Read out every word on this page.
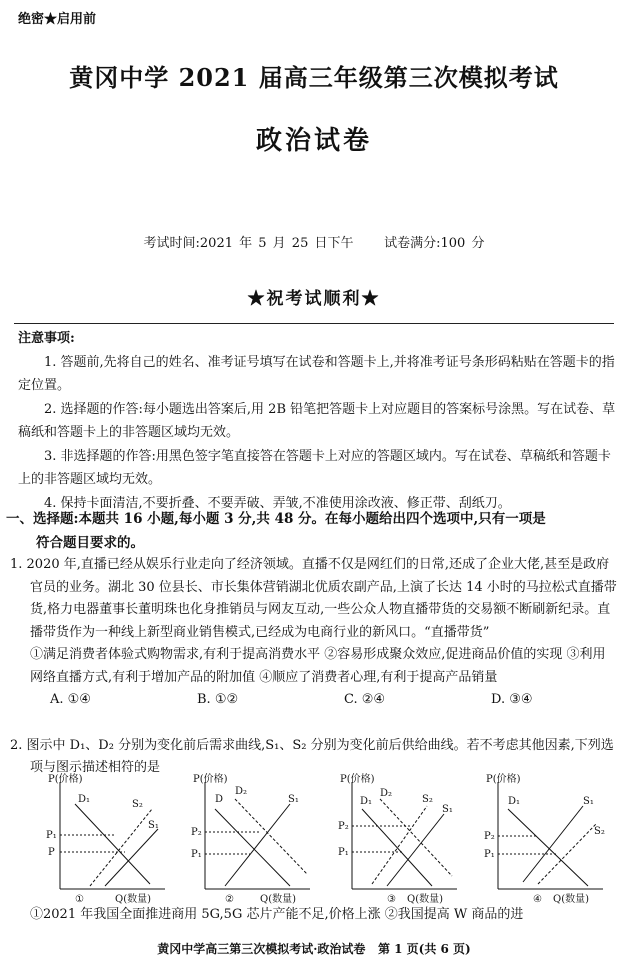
绝密★启用前
黄冈中学 2021 届高三年级第三次模拟考试
政治试卷
考试时间:2021 年 5 月 25 日下午     试卷满分:100 分
★祝考试顺利★

注意事项:

1. 答题前,先将自己的姓名、准考证号填写在试卷和答题卡上,并将准考证号条形码粘贴在答题卡的指定位置。

2. 选择题的作答:每小题选出答案后,用 2B 铅笔把答题卡上对应题目的答案标号涂黑。写在试卷、草稿纸和答题卡上的非答题区域均无效。

3. 非选择题的作答:用黑色签字笔直接答在答题卡上对应的答题区域内。写在试卷、草稿纸和答题卡上的非答题区域均无效。

4. 保持卡面清洁,不要折叠、不要弄破、弄皱,不准使用涂改液、修正带、刮纸刀。

一、选择题:本题共 16 小题,每小题 3 分,共 48 分。在每小题给出四个选项中,只有一项是
符合题目要求的。

1. 2020 年,直播已经从娱乐行业走向了经济领域。直播不仅是网红们的日常,还成了企业大佬,甚至是政府官员的业务。湖北 30 位县长、市长集体营销湖北优质农副产品,上演了长达 14 小时的马拉松式直播带货,格力电器董事长董明珠也化身推销员与网友互动,一些公众人物直播带货的交易额不断刷新纪录。直播带货作为一种线上新型商业销售模式,已经成为电商行业的新风口。“直播带货”

①满足消费者体验式购物需求,有利于提高消费水平 ②容易形成聚众效应,促进商品价值的实现 ③利用网络直播方式,有利于增加产品的附加值 ④顺应了消费者心理,有利于提高产品销量

A. ①④	B. ①②	C. ②④	D. ③④

2. 图示中 D₁、D₂ 分别为变化前后需求曲线,S₁、S₂ 分别为变化前后供给曲线。若不考虑其他因素,下列选项与图示描述相符的是

P(价格)
Q(数量)
①
D₁	S₂
S₁
P₁
P
P(价格)
Q(数量)
②
D
D₂
S₁
P₂
P₁
P(价格)
Q(数量)
③
D₁
D₂
S₂
S₁
P₂
P₁
P(价格)
Q(数量)
④
D₁	S₁
S₂
P₂
P₁
①2021 年我国全面推进商用 5G,5G 芯片产能不足,价格上涨 ②我国提高 W 商品的进
黄冈中学高三第三次模拟考试·政治试卷   第 1 页(共 6 页)
